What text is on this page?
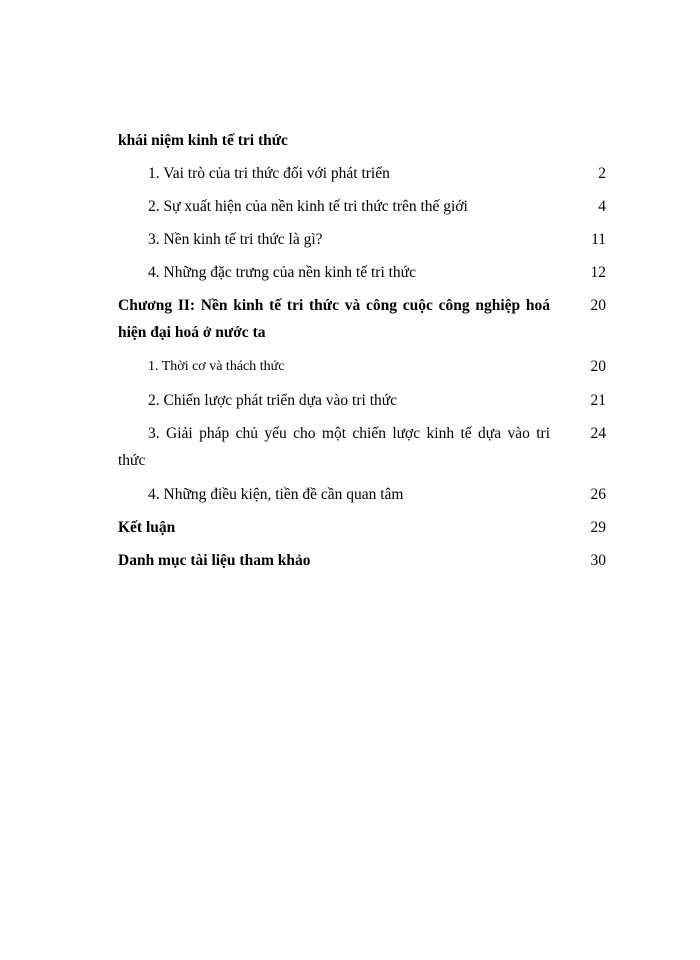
khái niệm kinh tế tri thức
1. Vai trò của tri thức đối với phát triển	2
2. Sự xuất hiện của nền kinh tế tri thức trên thế giới	4
3. Nền kinh tế tri thức là gì?	11
4. Những đặc trưng của nền kinh tế tri thức	12
Chương II: Nền kinh tế tri thức và công cuộc công nghiệp hoá	20
hiện đại hoá ở nước ta
1. Thời cơ và thách thức	20
2. Chiến lược phát triển dựa vào tri thức	21
3. Giải pháp chủ yếu cho một chiến lược kinh tế dựa vào tri	24
thức
4. Những điều kiện, tiền đề cần quan tâm	26
Kết luận	29
Danh mục tài liệu tham khảo	30
